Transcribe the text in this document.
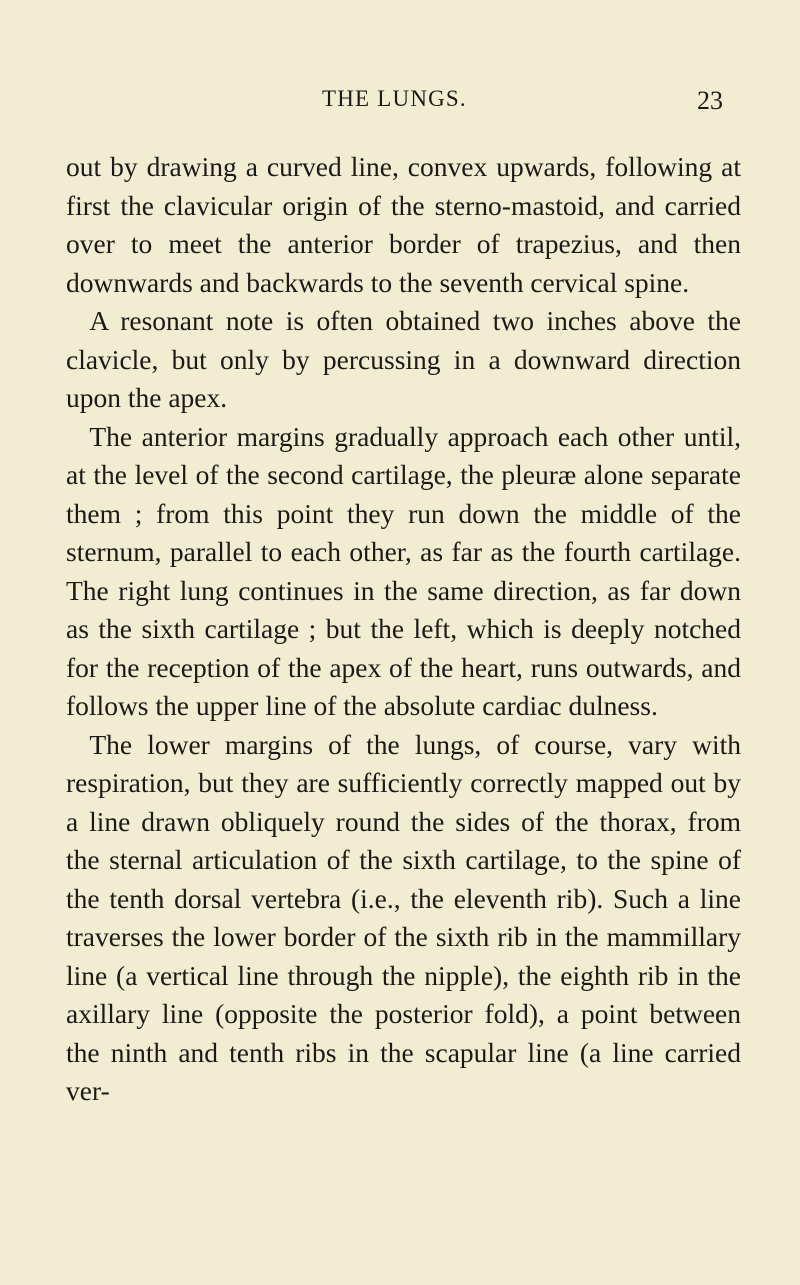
THE LUNGS.	23

out by drawing a curved line, convex upwards, following at first the clavicular origin of the sterno-mastoid, and carried over to meet the anterior border of trapezius, and then downwards and backwards to the seventh cervical spine.

A resonant note is often obtained two inches above the clavicle, but only by percussing in a downward direction upon the apex.

The anterior margins gradually approach each other until, at the level of the second cartilage, the pleuræ alone separate them ; from this point they run down the middle of the sternum, parallel to each other, as far as the fourth cartilage. The right lung continues in the same direction, as far down as the sixth cartilage ; but the left, which is deeply notched for the reception of the apex of the heart, runs outwards, and follows the upper line of the absolute cardiac dulness.

The lower margins of the lungs, of course, vary with respiration, but they are sufficiently correctly mapped out by a line drawn obliquely round the sides of the thorax, from the sternal articulation of the sixth cartilage, to the spine of the tenth dorsal vertebra (i.e., the eleventh rib). Such a line traverses the lower border of the sixth rib in the mammillary line (a vertical line through the nipple), the eighth rib in the axillary line (opposite the posterior fold), a point between the ninth and tenth ribs in the scapular line (a line carried ver-
